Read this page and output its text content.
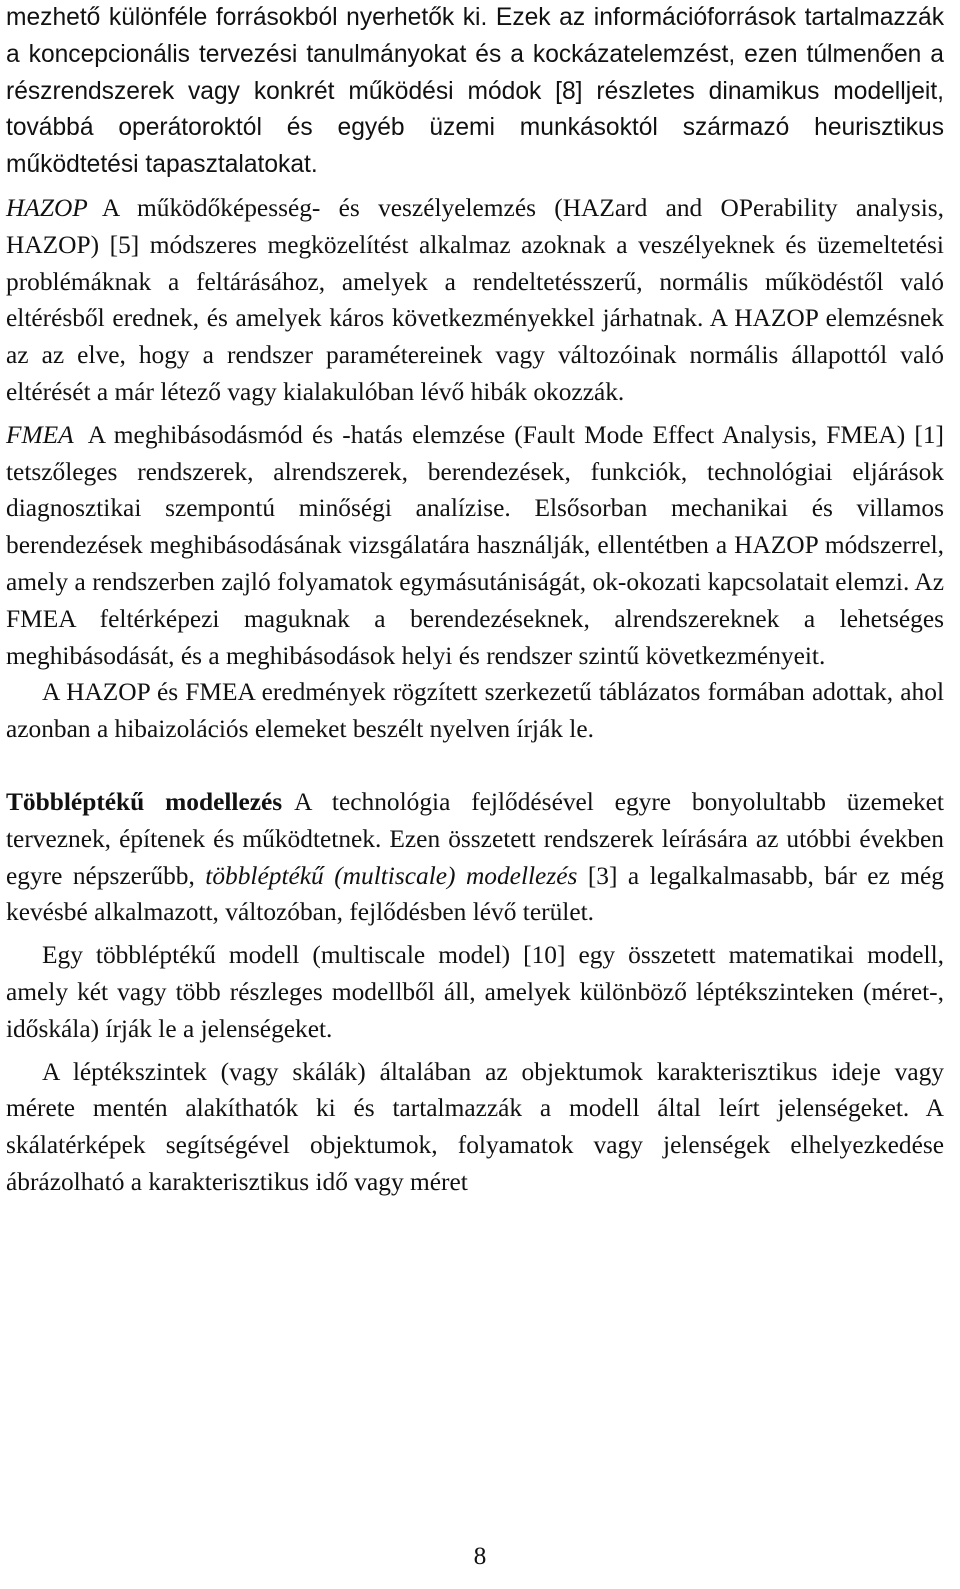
mezhető különféle forrásokból nyerhetők ki. Ezek az információforrások tartalmazzák a koncepcionális tervezési tanulmányokat és a kockázatelemzést, ezen túlmenően a részrendszerek vagy konkrét működési módok [8] részletes dinamikus modelljeit, továbbá operátoroktól és egyéb üzemi munkásoktól származó heurisztikus működtetési tapasztalatokat.

HAZOP A működőképesség- és veszélyelemzés (HAZard and OPerability analysis, HAZOP) [5] módszeres megközelítést alkalmaz azoknak a veszélyeknek és üzemeltetési problémáknak a feltárásához, amelyek a rendeltetésszerű, normális működéstől való eltérésből erednek, és amelyek káros következményekkel járhatnak. A HAZOP elemzésnek az az elve, hogy a rendszer paramétereinek vagy változóinak normális állapottól való eltérését a már létező vagy kialakulóban lévő hibák okozzák.

FMEA A meghibásodásmód és -hatás elemzése (Fault Mode Effect Analysis, FMEA) [1] tetszőleges rendszerek, alrendszerek, berendezések, funkciók, technológiai eljárások diagnosztikai szempontú minőségi analízise. Elsősorban mechanikai és villamos berendezések meghibásodásának vizsgálatára használják, ellentétben a HAZOP módszerrel, amely a rendszerben zajló folyamatok egymásutániságát, ok-okozati kapcsolatait elemzi. Az FMEA feltérképezi maguknak a berendezéseknek, alrendszereknek a lehetséges meghibásodását, és a meghibásodások helyi és rendszer szintű következményeit.

A HAZOP és FMEA eredmények rögzített szerkezetű táblázatos formában adottak, ahol azonban a hibaizolációs elemeket beszélt nyelven írják le.

Többléptékű modellezés A technológia fejlődésével egyre bonyolultabb üzemeket terveznek, építenek és működtetnek. Ezen összetett rendszerek leírására az utóbbi években egyre népszerűbb, többléptékű (multiscale) modellezés [3] a legalkalmasabb, bár ez még kevésbé alkalmazott, változóban, fejlődésben lévő terület.

Egy többléptékű modell (multiscale model) [10] egy összetett matematikai modell, amely két vagy több részleges modellből áll, amelyek különböző léptékszinteken (méret-, időskála) írják le a jelenségeket.

A léptékszintek (vagy skálák) általában az objektumok karakterisztikus ideje vagy mérete mentén alakíthatók ki és tartalmazzák a modell által leírt jelenségeket. A skálatérképek segítségével objektumok, folyamatok vagy jelenségek elhelyezkedése ábrázolható a karakterisztikus idő vagy méret

8
